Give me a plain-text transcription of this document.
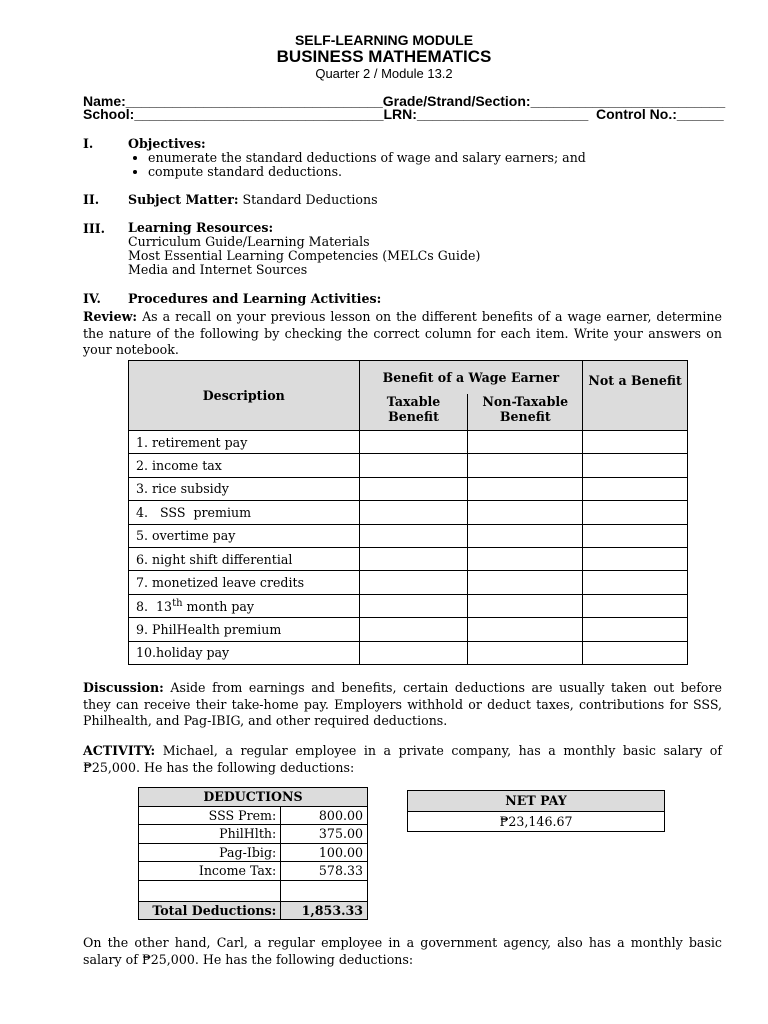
SELF-LEARNING MODULE
BUSINESS MATHEMATICS
Quarter 2 / Module 13.2
Name:_________________________________Grade/Strand/Section:_________________________
School:________________________________LRN:______________________  Control No.:______
I.	Objectives:
• enumerate the standard deductions of wage and salary earners; and
• compute standard deductions.
II. Subject Matter: Standard Deductions
III. Learning Resources:
Curriculum Guide/Learning Materials
Most Essential Learning Competencies (MELCs Guide)
Media and Internet Sources
IV. Procedures and Learning Activities:
Review: As a recall on your previous lesson on the different benefits of a wage earner, determine the nature of the following by checking the correct column for each item. Write your answers on your notebook.
Description	Benefit of a Wage Earner		Not a Benefit
	Taxable Benefit	Non-Taxable Benefit	
1. retirement pay			
2. income tax			
3. rice subsidy			
4.   SSS  premium			
5. overtime pay			
6. night shift differential			
7. monetized leave credits			
8.  13th month pay			
9. PhilHealth premium			
10.holiday pay			
Discussion: Aside from earnings and benefits, certain deductions are usually taken out before they can receive their take-home pay. Employers withhold or deduct taxes, contributions for SSS, Philhealth, and Pag-IBIG, and other required deductions.
ACTIVITY: Michael, a regular employee in a private company, has a monthly basic salary of ₱25,000. He has the following deductions:
DEDUCTIONS	
SSS Prem:	800.00
PhilHlth:	375.00
Pag-Ibig:	100.00
Income Tax:	578.33

Total Deductions:	1,853.33
NET PAY
₱23,146.67
On the other hand, Carl, a regular employee in a government agency, also has a monthly basic salary of ₱25,000. He has the following deductions:
